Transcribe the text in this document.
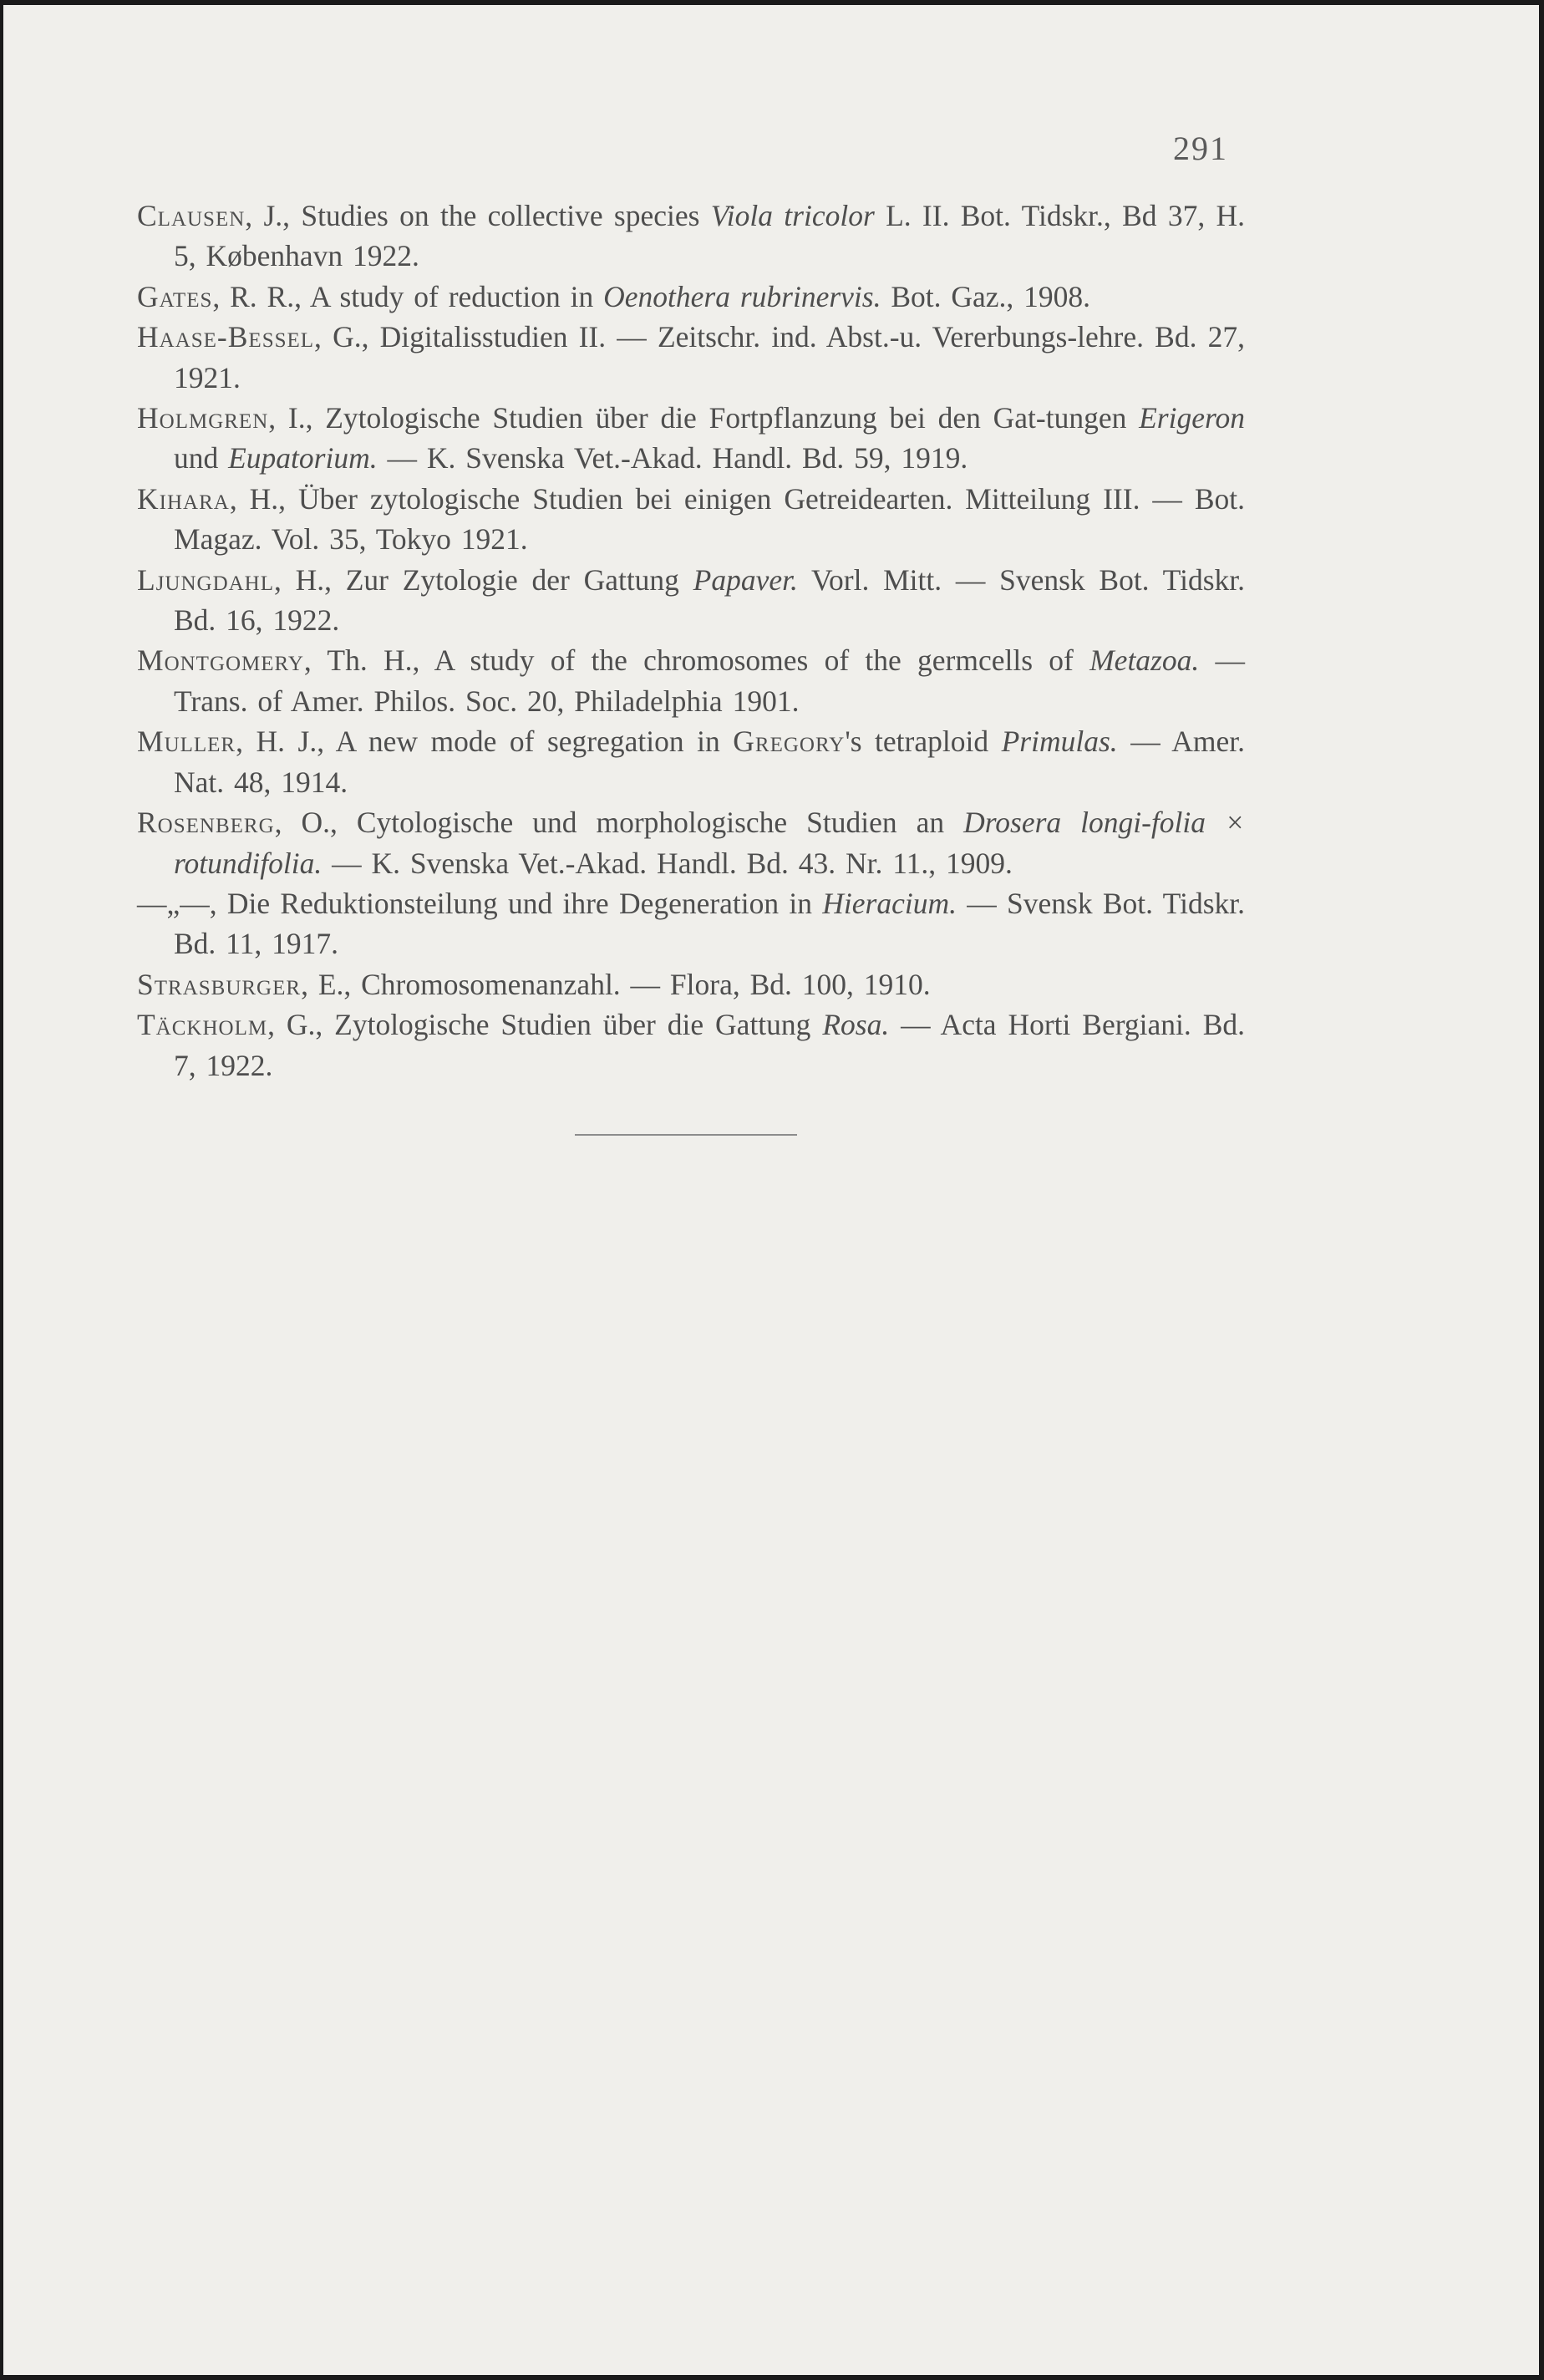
291

Clausen, J., Studies on the collective species Viola tricolor L. II. Bot. Tidskr., Bd 37, H. 5, København 1922.

Gates, R. R., A study of reduction in Oenothera rubrinervis. Bot. Gaz., 1908.

Haase-Bessel, G., Digitalisstudien II. — Zeitschr. ind. Abst.-u. Vererbungs-lehre. Bd. 27, 1921.

Holmgren, I., Zytologische Studien über die Fortpflanzung bei den Gat-tungen Erigeron und Eupatorium. — K. Svenska Vet.-Akad. Handl. Bd. 59, 1919.

Kihara, H., Über zytologische Studien bei einigen Getreidearten. Mitteilung III. — Bot. Magaz. Vol. 35, Tokyo 1921.

Ljungdahl, H., Zur Zytologie der Gattung Papaver. Vorl. Mitt. — Svensk Bot. Tidskr. Bd. 16, 1922.

Montgomery, Th. H., A study of the chromosomes of the germcells of Metazoa. — Trans. of Amer. Philos. Soc. 20, Philadelphia 1901.

Muller, H. J., A new mode of segregation in Gregory's tetraploid Primulas. — Amer. Nat. 48, 1914.

Rosenberg, O., Cytologische und morphologische Studien an Drosera longi-folia × rotundifolia. — K. Svenska Vet.-Akad. Handl. Bd. 43. Nr. 11., 1909.

—„—, Die Reduktionsteilung und ihre Degeneration in Hieracium. — Svensk Bot. Tidskr. Bd. 11, 1917.

Strasburger, E., Chromosomenanzahl. — Flora, Bd. 100, 1910.

Täckholm, G., Zytologische Studien über die Gattung Rosa. — Acta Horti Bergiani. Bd. 7, 1922.
